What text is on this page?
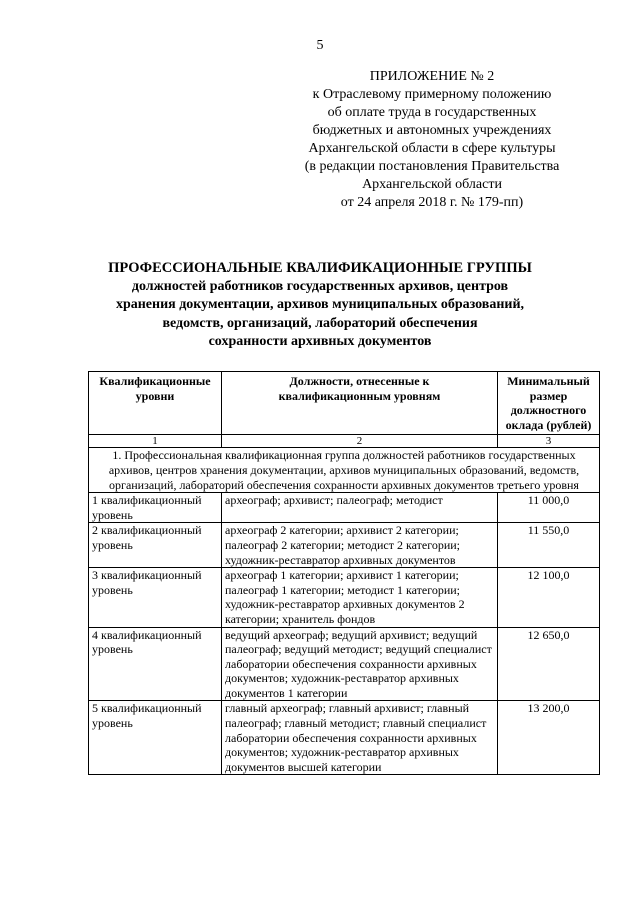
5
ПРИЛОЖЕНИЕ № 2
к Отраслевому примерному положению
об оплате труда в государственных
бюджетных и автономных учреждениях
Архангельской области в сфере культуры
(в редакции постановления Правительства
Архангельской области
от 24 апреля 2018 г. № 179-пп)
ПРОФЕССИОНАЛЬНЫЕ КВАЛИФИКАЦИОННЫЕ ГРУППЫ
должностей работников государственных архивов, центров
хранения документации, архивов муниципальных образований,
ведомств, организаций, лабораторий обеспечения
сохранности архивных документов
Квалификационные уровни	Должности, отнесенные к квалификационным уровням	Минимальный размер должностного оклада (рублей)
1	2	3
1. Профессиональная квалификационная группа должностей работников государственных архивов, центров хранения документации, архивов муниципальных образований, ведомств, организаций, лабораторий обеспечения сохранности архивных документов третьего уровня		
1 квалификационный уровень	археограф; архивист; палеограф; методист	11 000,0
2 квалификационный уровень	археограф 2 категории; архивист 2 категории; палеограф 2 категории; методист 2 категории; художник-реставратор архивных документов	11 550,0
3 квалификационный уровень	археограф 1 категории; архивист 1 категории; палеограф 1 категории; методист 1 категории; художник-реставратор архивных документов 2 категории; хранитель фондов	12 100,0
4 квалификационный уровень	ведущий археограф; ведущий архивист; ведущий палеограф; ведущий методист; ведущий специалист лаборатории обеспечения сохранности архивных документов; художник-реставратор архивных документов 1 категории	12 650,0
5 квалификационный уровень	главный археограф; главный архивист; главный палеограф; главный методист; главный специалист лаборатории обеспечения сохранности архивных документов; художник-реставратор архивных документов высшей категории	13 200,0
